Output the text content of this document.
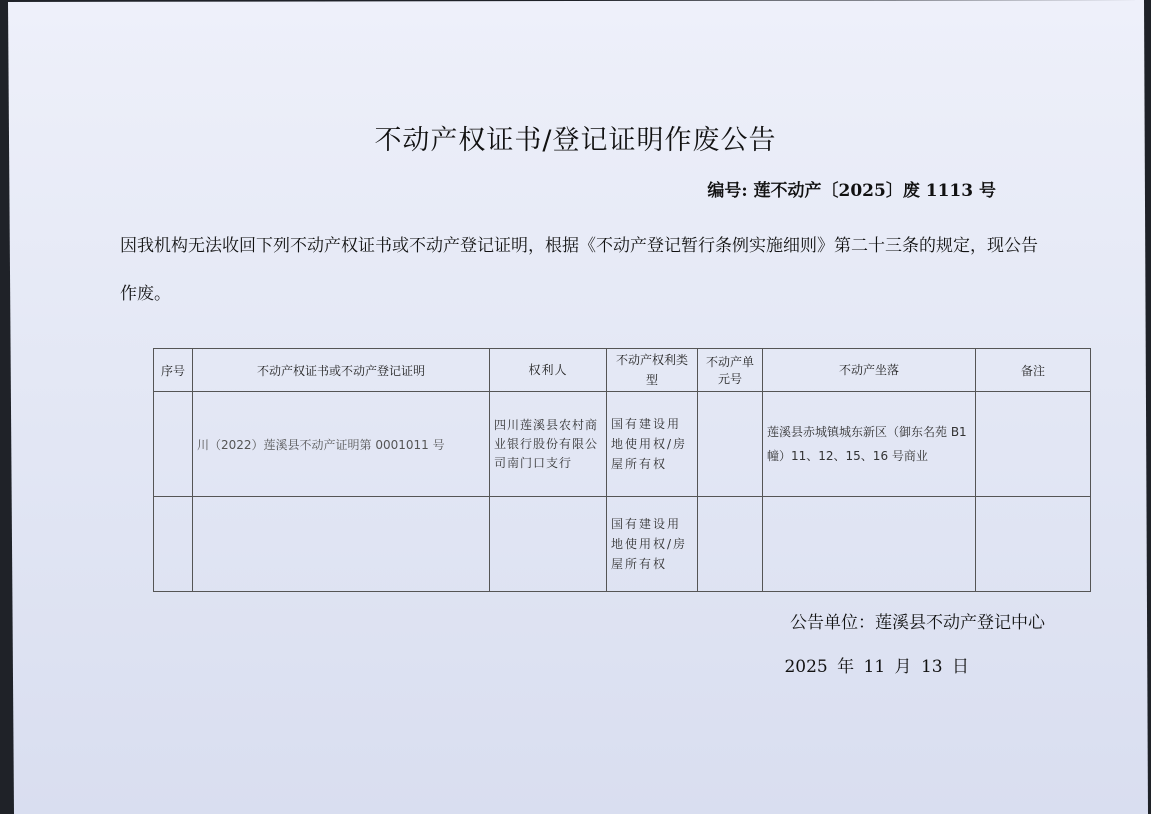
不动产权证书/登记证明作废公告
编号: 莲不动产〔2025〕废 1113 号
因我机构无法收回下列不动产权证书或不动产登记证明，根据《不动产登记暂行条例实施细则》第二十三条的规定，现公告作废。
序号	不动产权证书或不动产登记证明	权利人	不动产权利类型	不动产单元号	不动产坐落	备注
	川（2022）莲溪县不动产证明第 0001011 号	四川莲溪县农村商业银行股份有限公司南门口支行	国有建设用地使用权/房屋所有权		莲溪县赤城镇城东新区（御东名苑 B1 幢）11、12、15、16 号商业	
			国有建设用地使用权/房屋所有权			
公告单位：莲溪县不动产登记中心
2025 年 11 月 13 日
